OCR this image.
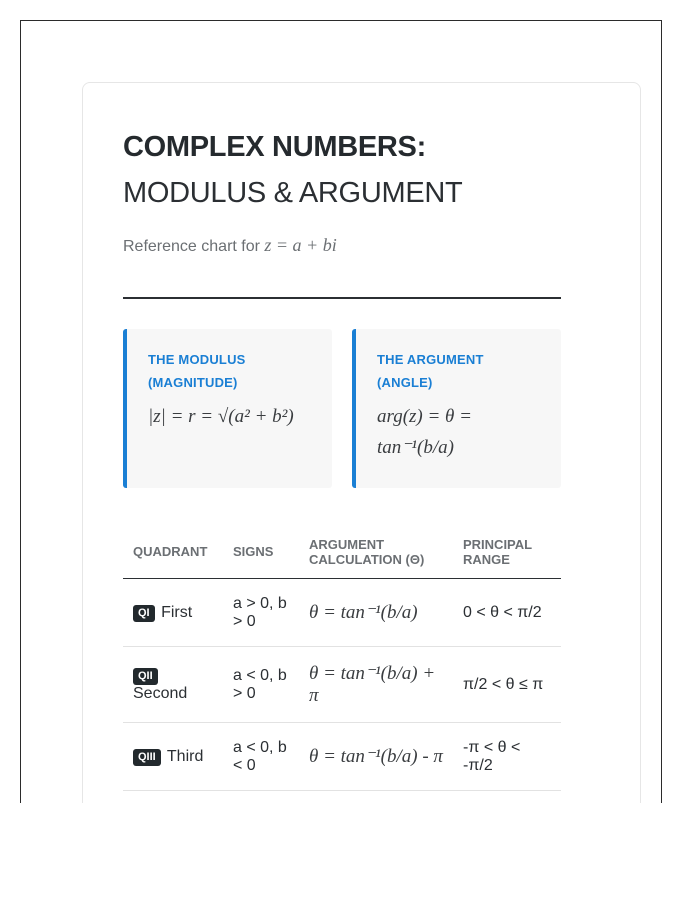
COMPLEX NUMBERS:
MODULUS & ARGUMENT
Reference chart for z = a + bi
THE MODULUS
(MAGNITUDE)
|z| = r = √(a² + b²)
THE ARGUMENT
(ANGLE)
arg(z) = θ =
tan⁻¹(b/a)
QUADRANT	SIGNS	ARGUMENT CALCULATION (Θ)	PRINCIPAL RANGE
QI First	a > 0, b > 0	θ = tan⁻¹(b/a)	0 < θ < π/2
QII Second	a < 0, b > 0	θ = tan⁻¹(b/a) + π	π/2 < θ ≤ π
QIII Third	a < 0, b < 0	θ = tan⁻¹(b/a) - π	-π < θ < -π/2
